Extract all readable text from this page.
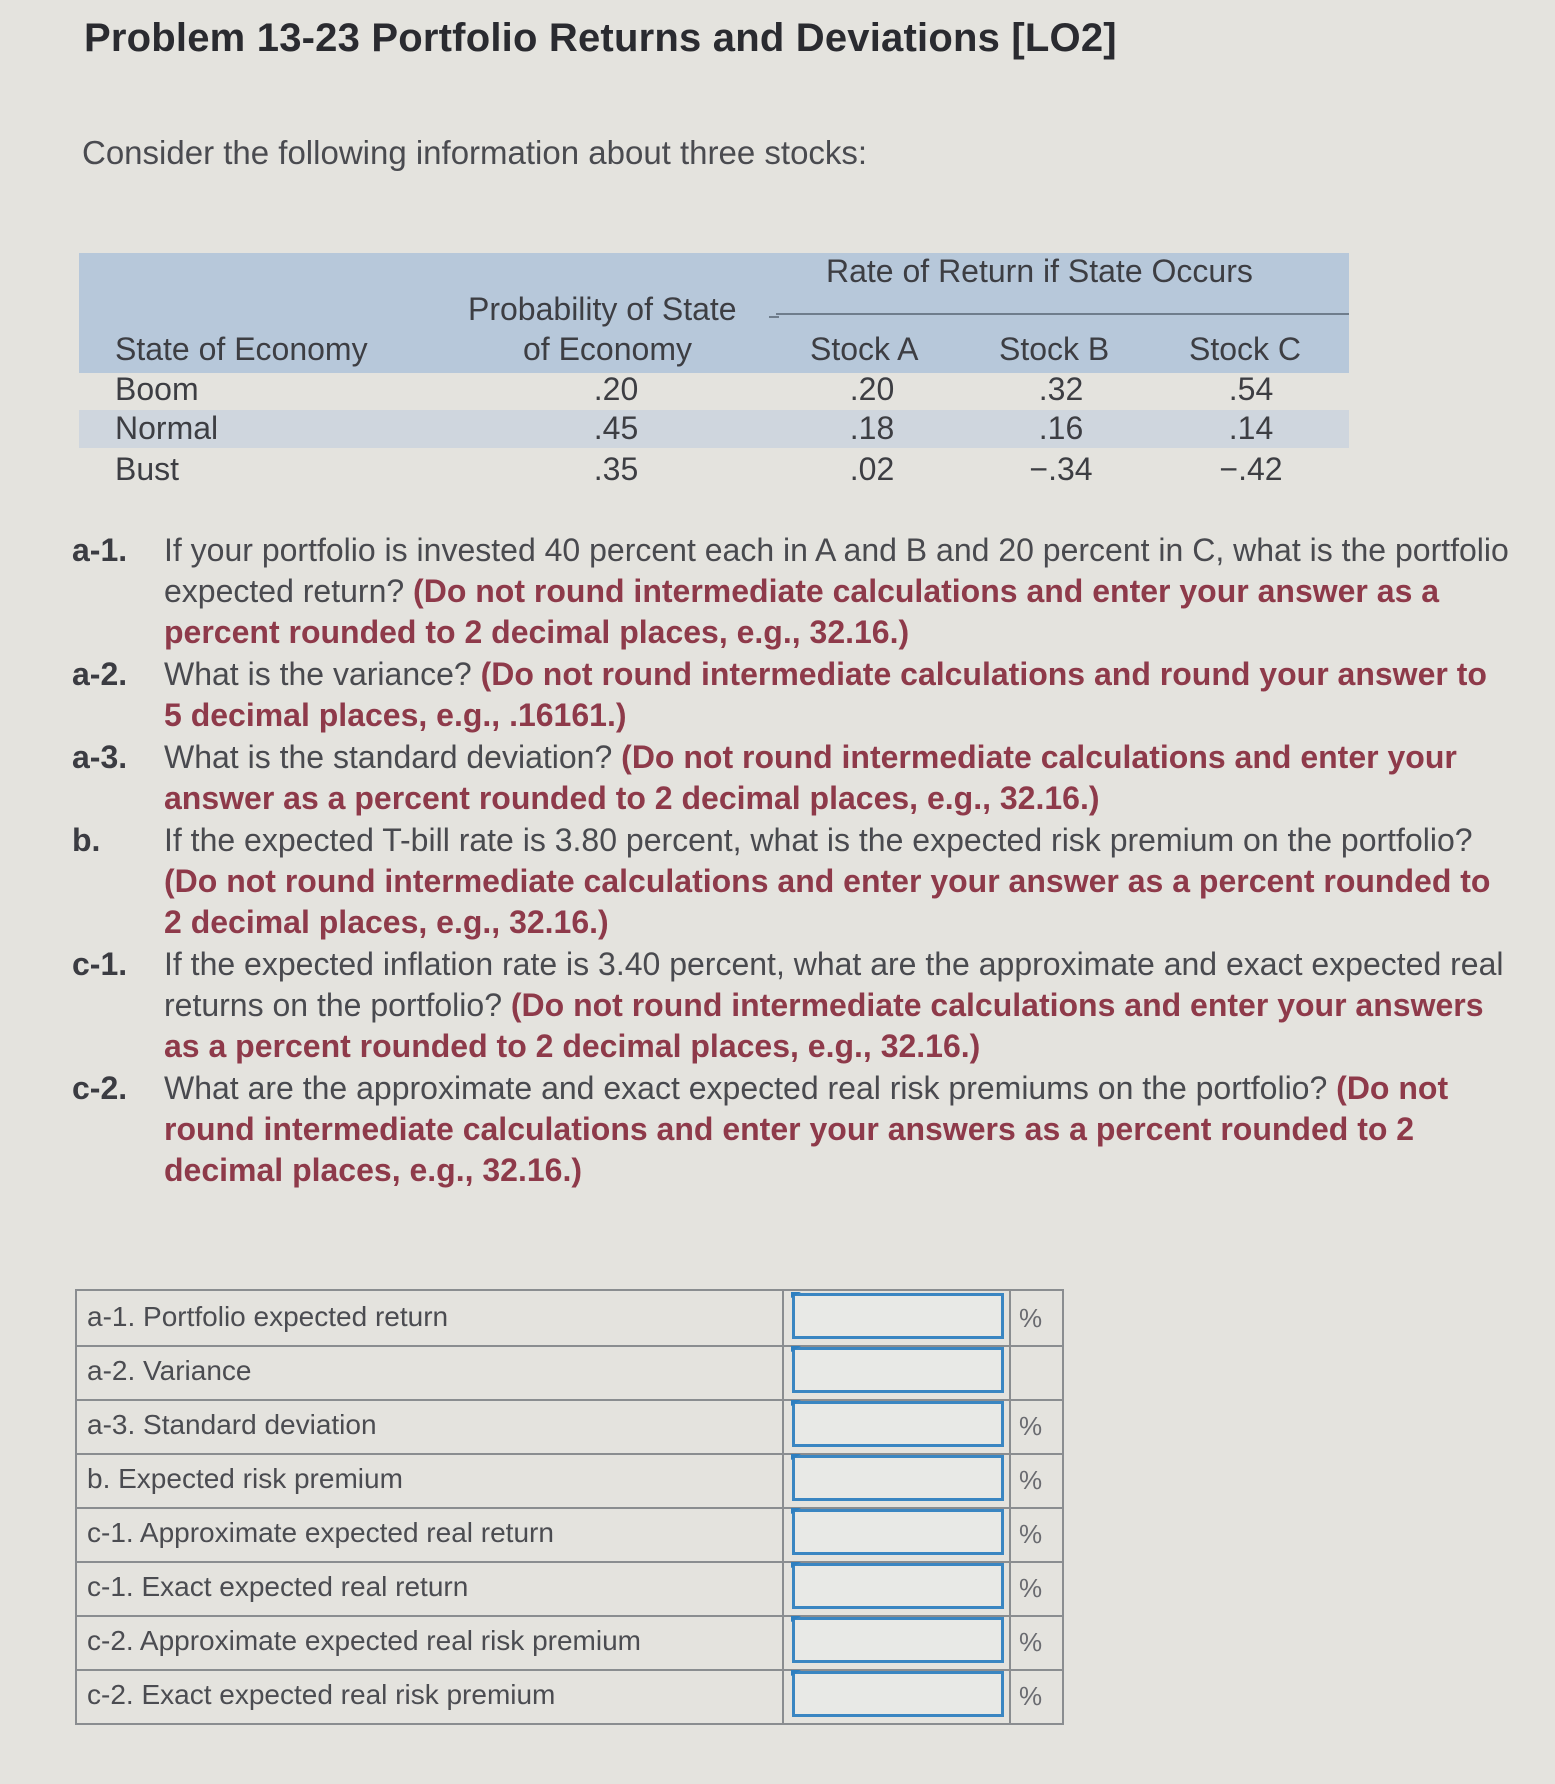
Problem 13-23 Portfolio Returns and Deviations [LO2]
Consider the following information about three stocks:
Rate of Return if State Occurs
Probability of State
of Economy
State of Economy	Stock A	Stock B Stock C
Boom	.20	.20	.32	.54
Normal	.45	.18	.16	.14
Bust	.35	.02	−.34	−.42
a-1. If your portfolio is invested 40 percent each in A and B and 20 percent in C, what is the portfolio expected return? (Do not round intermediate calculations and enter your answer as a percent rounded to 2 decimal places, e.g., 32.16.)
a-2. What is the variance? (Do not round intermediate calculations and round your answer to 5 decimal places, e.g., .16161.)
a-3. What is the standard deviation? (Do not round intermediate calculations and enter your answer as a percent rounded to 2 decimal places, e.g., 32.16.)
b. If the expected T-bill rate is 3.80 percent, what is the expected risk premium on the portfolio? (Do not round intermediate calculations and enter your answer as a percent rounded to 2 decimal places, e.g., 32.16.)
c-1. If the expected inflation rate is 3.40 percent, what are the approximate and exact expected real returns on the portfolio? (Do not round intermediate calculations and enter your answers as a percent rounded to 2 decimal places, e.g., 32.16.)
c-2. What are the approximate and exact expected real risk premiums on the portfolio? (Do not round intermediate calculations and enter your answers as a percent rounded to 2 decimal places, e.g., 32.16.)
a-1. Portfolio expected return	%
a-2. Variance
a-3. Standard deviation	%
b. Expected risk premium	%
c-1. Approximate expected real return	%
c-1. Exact expected real return	%
c-2. Approximate expected real risk premium	%
c-2. Exact expected real risk premium	%
